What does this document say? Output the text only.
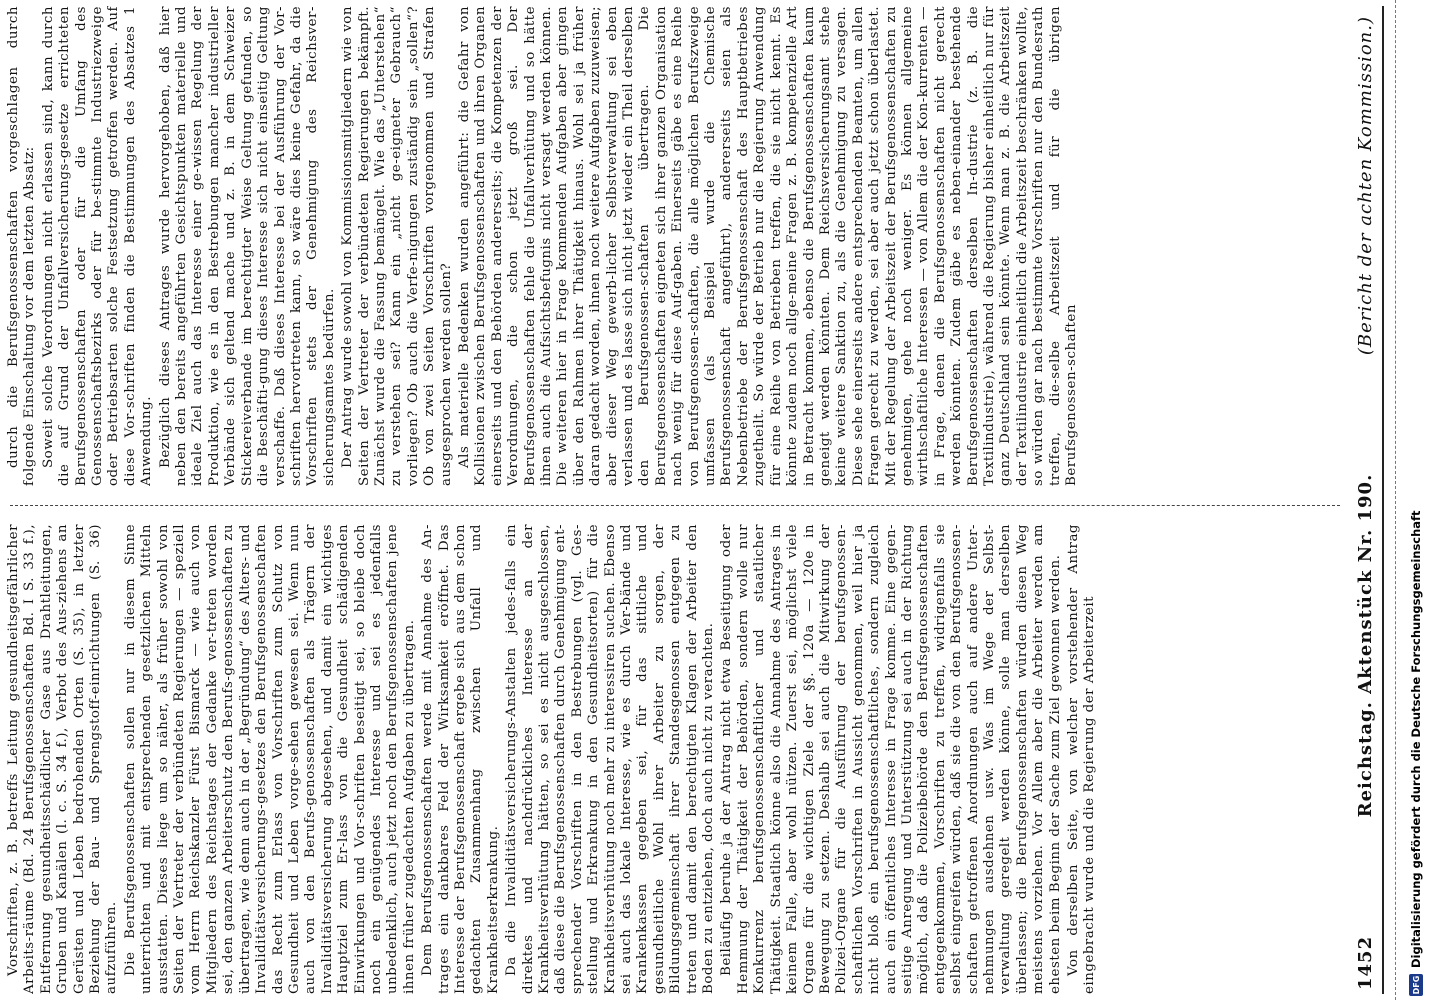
1452
Reichstag. Aktenstück Nr. 190.
(Bericht der achten Kommission.)

Vorschriften, z. B. betreffs Leitung gesundheitsgefährlicher Arbeits-räume (Bd. 24 Berufsgenossenschaften Bd. I S. 33 f.), Entfernung gesundheitsschädlicher Gase aus Drahtleitungen, Gruben und Kanälen (l. c. S. 34 f.), Verbot des Aus-ziehens an Gerüsten und Leben bedrohenden Orten (S. 35), in letzter Beziehung der Bau- und Sprengstoff-einrichtungen (S. 36) aufzuführen. Die Berufsgenossenschaften sollen nur in diesem Sinne unterrichten und mit entsprechenden gesetzlichen Mitteln ausstatten. Dieses liege um so näher, als früher sowohl von Seiten der Vertreter der verbündeten Regierungen — speziell vom Herrn Reichskanzler Fürst Bismarck — wie auch von Mitgliedern des Reichstages der Gedanke ver-treten worden sei, den ganzen Arbeiterschutz den Berufs-genossenschaften zu übertragen, wie denn auch in der „Begründung“ des Alters- und Invaliditätsversicherungs-gesetzes den Berufsgenossenschaften das Recht zum Erlass von Vorschriften zum Schutz von Gesundheit und Leben vorge-sehen gewesen sei. Wenn nun auch von den Berufs-genossenschaften als Trägern der Invaliditätsversicherung abgesehen, und damit ein wichtiges Hauptziel zum Er-lass von die Gesundheit schädigenden Einwirkungen und Vor-schriften beseitigt sei, so bleibe doch noch ein genügendes Interesse und sei es jedenfalls unbedenklich, auch jetzt noch den Berufsgenossenschaften jene ihnen früher zugedachten Aufgaben zu übertragen. Dem Berufsgenossenschaften werde mit Annahme des An-trages ein dankbares Feld der Wirksamkeit eröffnet. Das Interesse der Berufsgenossenschaft ergebe sich aus dem schon gedachten Zusammenhang zwischen Unfall und Krankheitserkrankung. Da die Invaliditätsversicherungs-Anstalten jedes-falls ein direktes und nachdrückliches Interesse an der Krankheitsverhütung hätten, so sei es nicht ausgeschlossen, daß diese die Berufsgenossenschaften durch Genehmigung ent-sprechender Vorschriften in den Bestrebungen (vgl. Ges-stellung und Erkrankung in den Gesundheitsorten) für die Krankheitsverhütung noch mehr zu interessiren suchen. Ebenso sei auch das lokale Interesse, wie es durch Ver-bände und Krankenkassen gegeben sei, für das sittliche und gesundheitliche Wohl ihrer Arbeiter zu sorgen, der Bildungsgemeinschaft ihrer Standesgenossen entgegen zu treten und damit den berechtigten Klagen der Arbeiter den Boden zu entziehen, doch auch nicht zu verachten. Beiläufig beruhe ja der Antrag nicht etwa Beseitigung oder Hemmung der Thätigkeit der Behörden, sondern wolle nur Konkurrenz berufsgenossenschaftlicher und staatlicher Thätigkeit. Staatlich könne also die Annahme des Antrages in keinem Falle, aber wohl nützen. Zuerst sei, möglichst viele Organe für die wichtigen Ziele der §§. 120a — 120e in Bewegung zu setzen. Deshalb sei auch die Mitwirkung der Polizei-Organe für die Ausführung der berufsgenossen-schaftlichen Vorschriften in Aussicht genommen, weil hier ja nicht bloß ein berufsgenossenschaftliches, sondern zugleich auch ein öffentliches Interesse in Frage komme. Eine gegen-seitige Anregung und Unterstützung sei auch in der Richtung möglich, daß die Polizeibehörde den Berufsgenossenschaften entgegenkommen, Vorschriften zu treffen, widrigenfalls sie selbst eingreifen würden, daß sie die von den Berufsgenossen-schaften getroffenen Anordnungen auch auf andere Unter-nehmungen ausdehnen usw. Was im Wege der Selbst-verwaltung geregelt werden könne, solle man derselben überlassen; die Berufsgenossenschaften würden diesen Weg meistens vorziehen. Vor Allem aber die Arbeiter werden am ehesten beim Beginn der Sache zum Ziel gewonnen werden. Von derselben Seite, von welcher vorstehender Antrag eingebracht wurde und die Regierung der Arbeiterzeit

durch die Berufsgenossenschaften vorgeschlagen durch folgende Einschaltung vor dem letzten Absatz: Soweit solche Verordnungen nicht erlassen sind, kann durch die auf Grund der Unfallversicherungs-gesetze errichteten Berufsgenossenschaften oder für die Umfang des Genossenschaftsbezirks oder für be-stimmte Industriezweige oder Betriebsarten solche Festsetzung getroffen werden. Auf diese Vor-schriften finden die Bestimmungen des Absatzes 1 Anwendung. Bezüglich dieses Antrages wurde hervorgehoben, daß hier neben den bereits angeführten Gesichtspunkten materielle und ideale Ziel auch das Interesse einer ge-wissen Regelung der Produktion, wie es in den Bestrebungen mancher industrieller Verbände sich geltend mache und z. B. in dem Schweizer Stickereiverbande im berechtigter Weise Geltung gefunden, so die Beschäfti-gung dieses Interesse sich nicht einseitig Geltung verschaffe. Daß dieses Interesse bei der Ausführung der Vor-schriften hervortreten kann, so wäre dies keine Gefahr, da die Vorschriften stets der Genehmigung des Reichsver-sicherungsamtes bedürfen. Der Antrag wurde sowohl von Kommissionsmitgliedern wie von Seiten der Vertreter der verbündeten Regierungen bekämpft. Zunächst wurde die Fassung bemängelt. Wie das „Unterstehen“ zu verstehen sei? Kann ein „nicht ge-eigneter Gebrauch“ vorliegen? Ob auch die Verfe-nigungen zuständig sein „sollen“? Ob von zwei Seiten Vorschriften vorgenommen und Strafen ausgesprochen werden sollen? Als materielle Bedenken wurden angeführt: die Gefahr von Kollisionen zwischen Berufsgenossenschaften und ihren Organen einerseits und den Behörden andererseits; die Kompetenzen der Verordnungen, die schon jetzt groß sei. Der Berufsgenossenschaften fehle die Unfallverhütung und so hätte ihnen auch die Aufsichtsbefugnis nicht versagt werden können. Die weiteren hier in Frage kommenden Aufgaben aber gingen über den Rahmen ihrer Thätigkeit hinaus. Wohl sei ja früher daran gedacht worden, ihnen noch weitere Aufgaben zuzuweisen; aber dieser Weg gewerb-licher Selbstverwaltung sei eben verlassen und es lasse sich nicht jetzt wieder ein Theil derselben den Berufsgenossen-schaften übertragen. Die Berufsgenossenschaften eigneten sich ihrer ganzen Organisation nach wenig für diese Auf-gaben. Einerseits gäbe es eine Reihe von Berufsgenossen-schaften, die alle möglichen Berufszweige umfassen (als Beispiel wurde die Chemische Berufsgenossenschaft angeführt), andererseits seien als Nebenbetriebe der Berufsgenossenschaft des Hauptbetriebes zugetheilt. So würde der Betrieb nur die Regierung Anwendung für eine Reihe von Betrieben treffen, die sie nicht kennt. Es könnte zudem noch allge-meine Fragen z. B. kompetenzielle Art in Betracht kommen, ebenso die Berufsgenossenschaften kaum geneigt werden könnten. Dem Reichsversicherungsamt stehe keine weitere Sanktion zu, als die Genehmigung zu versagen. Diese sehe einerseits andere entsprechenden Beamten, um allen Fragen gerecht zu werden, sei aber auch jetzt schon überlastet. Mit der Regelung der Arbeitszeit der Berufsgenossenschaften zu genehmigen, gehe noch weniger. Es können allgemeine wirthschaftliche Interessen — von Allem die der Kon-kurrenten — in Frage, denen die Berufsgenossenschaften nicht gerecht werden könnten. Zudem gäbe es neben-einander bestehende Berufsgenossenschaften derselben In-dustrie (z. B. die Textilindustrie), während die Regierung bisher einheitlich nur für ganz Deutschland sein könnte. Wenn man z. B. die Arbeitszeit der Textilindustrie einheitlich die Arbeitszeit beschränken wollte, so würden gar nach bestimmte Vorschriften nur den Bundesrath treffen, die-selbe Arbeitszeit und für die übrigen Berufsgenossen-schaften

DFG
Digitalisierung gefördert durch die Deutsche Forschungsgemeinschaft
